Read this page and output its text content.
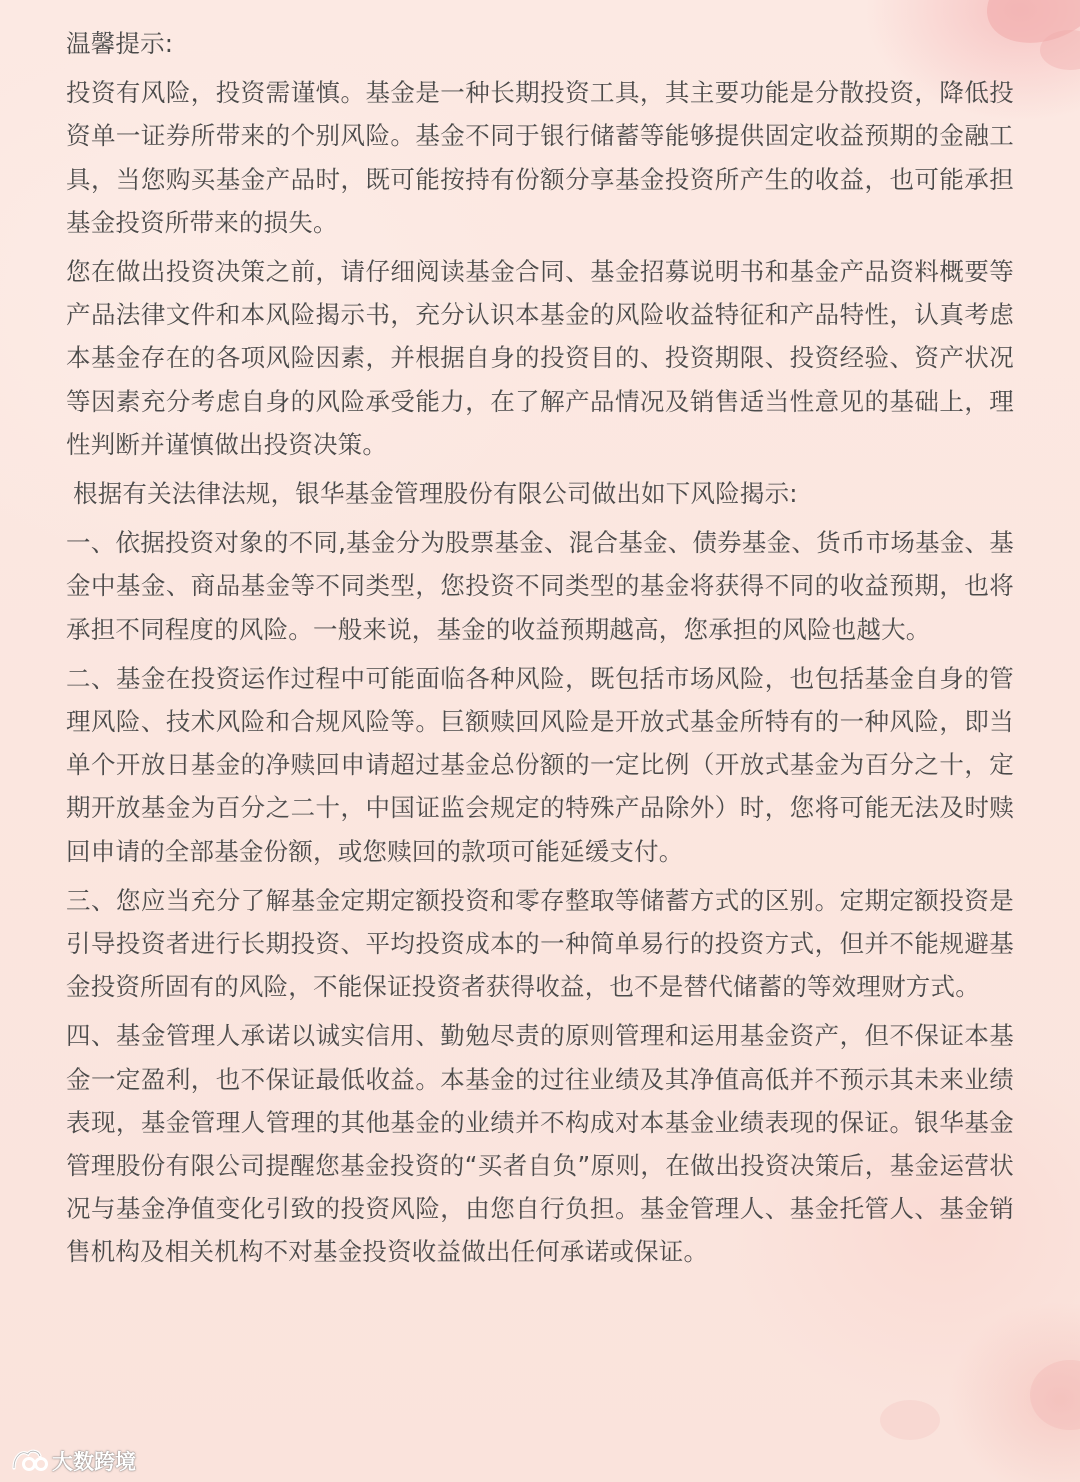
温馨提示:

投资有风险，投资需谨慎。基金是一种长期投资工具，其主要功能是分散投资，降低投资单一证券所带来的个别风险。基金不同于银行储蓄等能够提供固定收益预期的金融工具，当您购买基金产品时，既可能按持有份额分享基金投资所产生的收益，也可能承担基金投资所带来的损失。

您在做出投资决策之前，请仔细阅读基金合同、基金招募说明书和基金产品资料概要等产品法律文件和本风险揭示书，充分认识本基金的风险收益特征和产品特性，认真考虑本基金存在的各项风险因素，并根据自身的投资目的、投资期限、投资经验、资产状况等因素充分考虑自身的风险承受能力，在了解产品情况及销售适当性意见的基础上，理性判断并谨慎做出投资决策。

根据有关法律法规，银华基金管理股份有限公司做出如下风险揭示:

一、依据投资对象的不同,基金分为股票基金、混合基金、债券基金、货币市场基金、基金中基金、商品基金等不同类型，您投资不同类型的基金将获得不同的收益预期，也将承担不同程度的风险。一般来说，基金的收益预期越高，您承担的风险也越大。

二、基金在投资运作过程中可能面临各种风险，既包括市场风险，也包括基金自身的管理风险、技术风险和合规风险等。巨额赎回风险是开放式基金所特有的一种风险，即当单个开放日基金的净赎回申请超过基金总份额的一定比例（开放式基金为百分之十，定期开放基金为百分之二十，中国证监会规定的特殊产品除外）时，您将可能无法及时赎回申请的全部基金份额，或您赎回的款项可能延缓支付。

三、您应当充分了解基金定期定额投资和零存整取等储蓄方式的区别。定期定额投资是引导投资者进行长期投资、平均投资成本的一种简单易行的投资方式，但并不能规避基金投资所固有的风险，不能保证投资者获得收益，也不是替代储蓄的等效理财方式。

四、基金管理人承诺以诚实信用、勤勉尽责的原则管理和运用基金资产，但不保证本基金一定盈利，也不保证最低收益。本基金的过往业绩及其净值高低并不预示其未来业绩表现，基金管理人管理的其他基金的业绩并不构成对本基金业绩表现的保证。银华基金管理股份有限公司提醒您基金投资的“买者自负”原则，在做出投资决策后，基金运营状况与基金净值变化引致的投资风险，由您自行负担。基金管理人、基金托管人、基金销售机构及相关机构不对基金投资收益做出任何承诺或保证。

大数跨境
